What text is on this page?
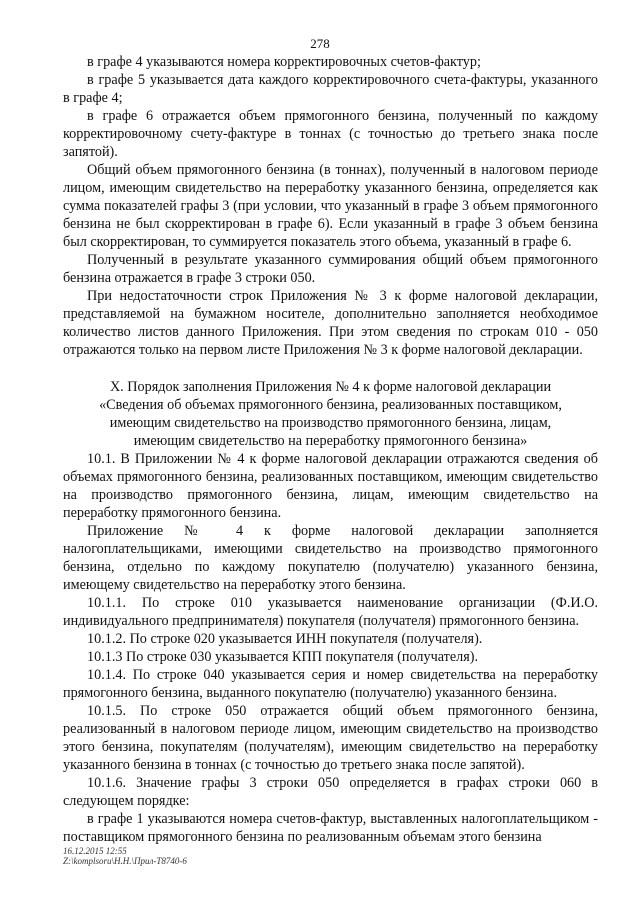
278

в графе 4 указываются номера корректировочных счетов-фактур;

в графе 5 указывается дата каждого корректировочного счета-фактуры, указанного в графе 4;

в графе 6 отражается объем прямогонного бензина, полученный по каждому корректировочному счету-фактуре в тоннах (с точностью до третьего знака после запятой).

Общий объем прямогонного бензина (в тоннах), полученный в налоговом периоде лицом, имеющим свидетельство на переработку указанного бензина, определяется как сумма показателей графы 3 (при условии, что указанный в графе 3 объем прямогонного бензина не был скорректирован в графе 6). Если указанный в графе 3 объем бензина был скорректирован, то суммируется показатель этого объема, указанный в графе 6.

Полученный в результате указанного суммирования общий объем прямогонного бензина отражается в графе 3 строки 050.

При недостаточности строк Приложения № 3 к форме налоговой декларации, представляемой на бумажном носителе, дополнительно заполняется необходимое количество листов данного Приложения. При этом сведения по строкам 010 - 050 отражаются только на первом листе Приложения № 3 к форме налоговой декларации.

X. Порядок заполнения Приложения № 4 к форме налоговой декларации
«Сведения об объемах прямогонного бензина, реализованных поставщиком,
имеющим свидетельство на производство прямогонного бензина, лицам,
имеющим свидетельство на переработку прямогонного бензина»

10.1. В Приложении № 4 к форме налоговой декларации отражаются сведения об объемах прямогонного бензина, реализованных поставщиком, имеющим свидетельство на производство прямогонного бензина, лицам, имеющим свидетельство на переработку прямогонного бензина.

Приложение № 4 к форме налоговой декларации заполняется налогоплательщиками, имеющими свидетельство на производство прямогонного бензина, отдельно по каждому покупателю (получателю) указанного бензина, имеющему свидетельство на переработку этого бензина.

10.1.1. По строке 010 указывается наименование организации (Ф.И.О. индивидуального предпринимателя) покупателя (получателя) прямогонного бензина.

10.1.2. По строке 020 указывается ИНН покупателя (получателя).

10.1.3 По строке 030 указывается КПП покупателя (получателя).

10.1.4. По строке 040 указывается серия и номер свидетельства на переработку прямогонного бензина, выданного покупателю (получателю) указанного бензина.

10.1.5. По строке 050 отражается общий объем прямогонного бензина, реализованный в налоговом периоде лицом, имеющим свидетельство на производство этого бензина, покупателям (получателям), имеющим свидетельство на переработку указанного бензина в тоннах (с точностью до третьего знака после запятой).

10.1.6. Значение графы 3 строки 050 определяется в графах строки 060 в следующем порядке:

в графе 1 указываются номера счетов-фактур, выставленных налогоплательщиком - поставщиком прямогонного бензина по реализованным объемам этого бензина

16.12.2015 12:55
Z:\komplsoru\Н.Н.\Прил-Т8740-6
